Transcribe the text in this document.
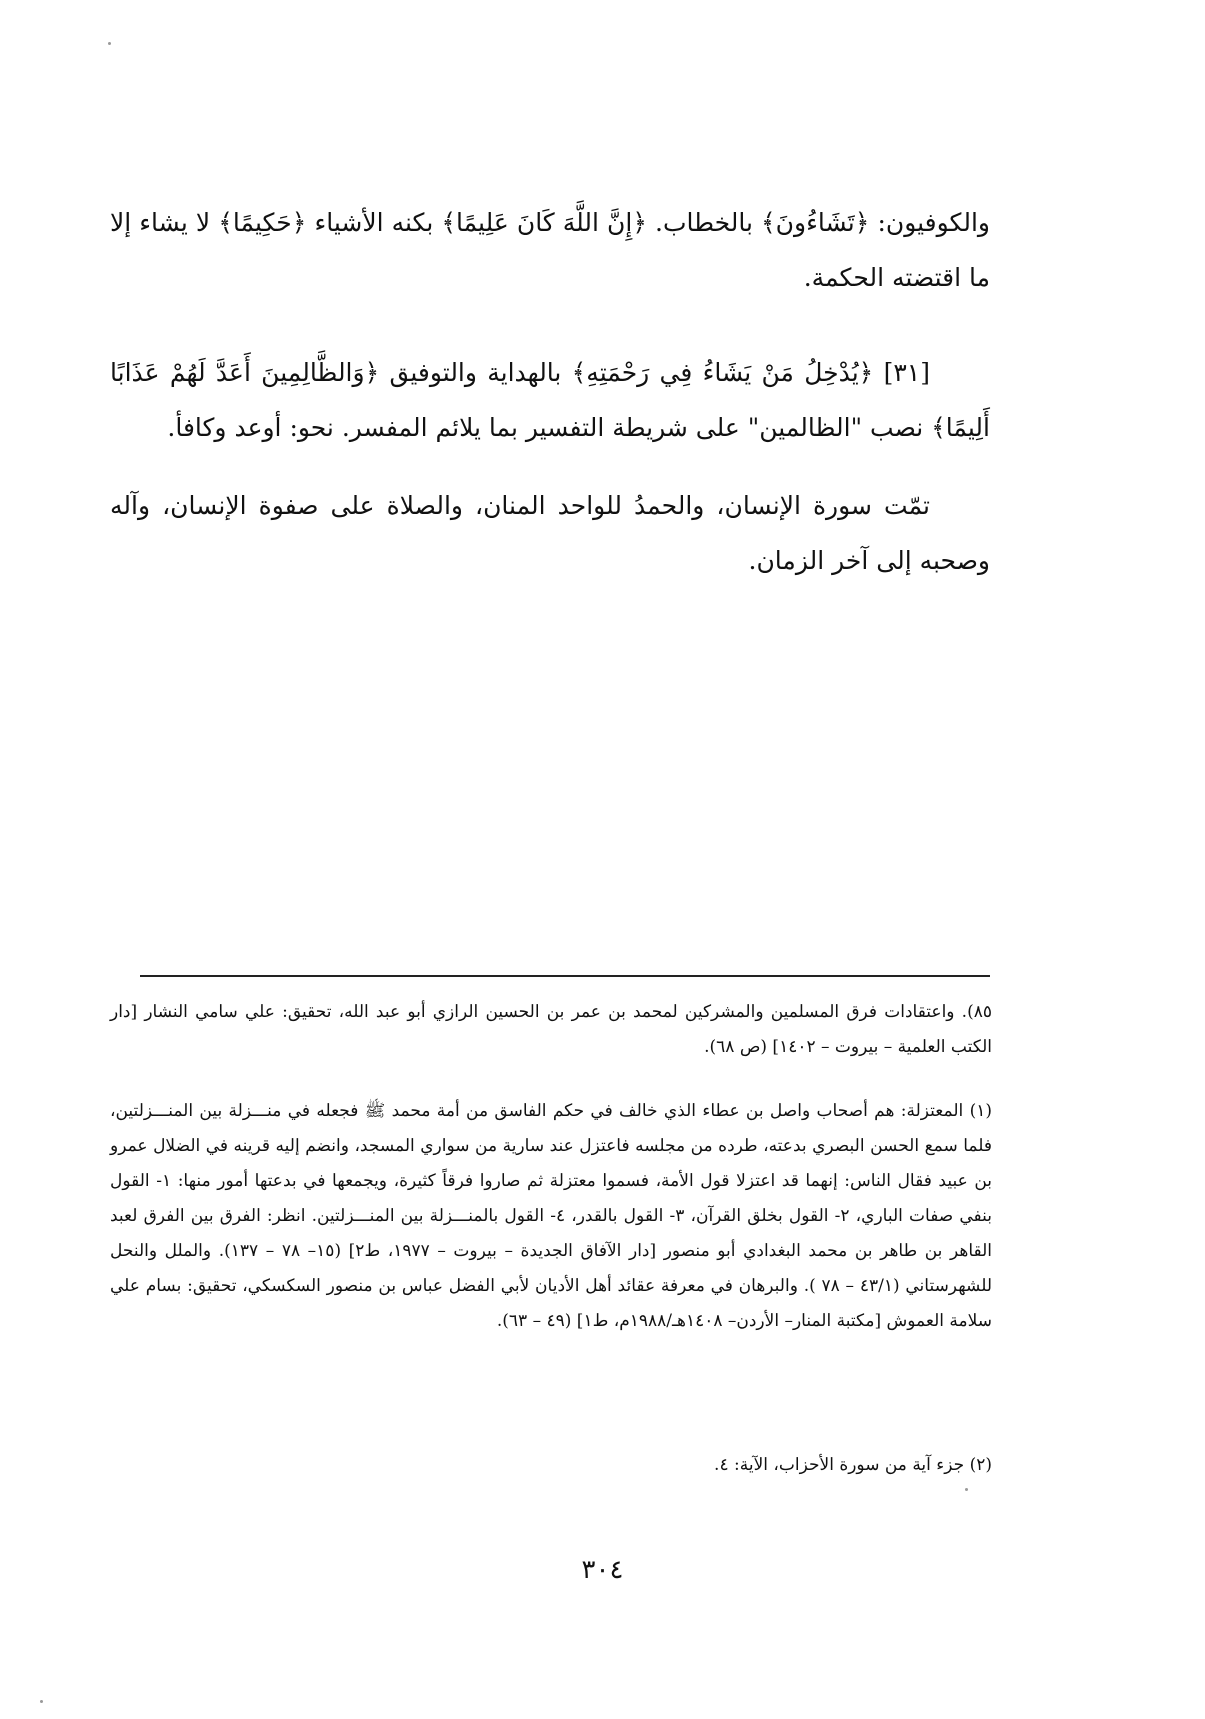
والكوفيون: ﴿تَشَاءُونَ﴾ بالخطاب. ﴿إِنَّ اللَّهَ كَانَ عَلِيمًا﴾ بكنه الأشياء ﴿حَكِيمًا﴾ لا يشاء إلا ما اقتضته الحكمة.

[٣١] ﴿يُدْخِلُ مَنْ يَشَاءُ فِي رَحْمَتِهِ﴾ بالهداية والتوفيق ﴿وَالظَّالِمِينَ أَعَدَّ لَهُمْ عَذَابًا أَلِيمًا﴾ نصب "الظالمين" على شريطة التفسير بما يلائم المفسر. نحو: أوعد وكافأ.

تمّت سورة الإنسان، والحمدُ للواحد المنان، والصلاة على صفوة الإنسان، وآله وصحبه إلى آخر الزمان.

٨٥). واعتقادات فرق المسلمين والمشركين لمحمد بن عمر بن الحسين الرازي أبو عبد الله، تحقيق: علي سامي النشار [دار الكتب العلمية – بيروت – ١٤٠٢] (ص ٦٨).

(١) المعتزلة: هم أصحاب واصل بن عطاء الذي خالف في حكم الفاسق من أمة محمد ﷺ فجعله في منـــزلة بين المنـــزلتين، فلما سمع الحسن البصري بدعته، طرده من مجلسه فاعتزل عند سارية من سواري المسجد، وانضم إليه قرينه في الضلال عمرو بن عبيد فقال الناس: إنهما قد اعتزلا قول الأمة، فسموا معتزلة ثم صاروا فرقاً كثيرة، ويجمعها في بدعتها أمور منها: ١- القول بنفي صفات الباري، ٢- القول بخلق القرآن، ٣- القول بالقدر، ٤- القول بالمنـــزلة بين المنـــزلتين. انظر: الفرق بين الفرق لعبد القاهر بن طاهر بن محمد البغدادي أبو منصور [دار الآفاق الجديدة – بيروت – ١٩٧٧، ط٢] (١٥– ٧٨ – ١٣٧). والملل والنحل للشهرستاني (٤٣/١ – ٧٨ ). والبرهان في معرفة عقائد أهل الأديان لأبي الفضل عباس بن منصور السكسكي، تحقيق: بسام علي سلامة العموش [مكتبة المنار– الأردن– ١٤٠٨هـ/١٩٨٨م، ط١] (٤٩ – ٦٣).

(٢) جزء آية من سورة الأحزاب، الآية: ٤.

٣٠٤
